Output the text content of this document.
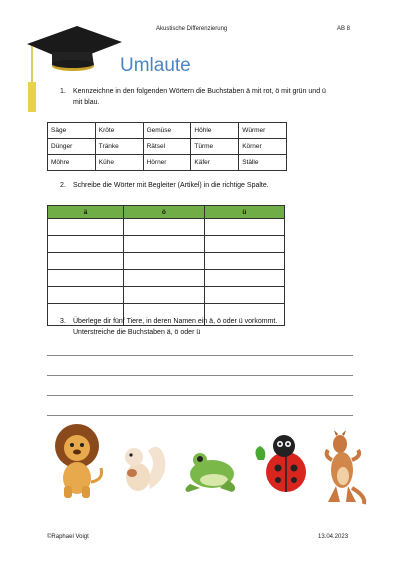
Akustische Differenzierung	AB 8
Umlaute
1. Kennzeichne in den folgenden Wörtern die Buchstaben ä mit rot, ö mit grün und ü mit blau.
Säge	Kröte	Gemüse	Höhle	Würmer
Dünger	Tränke	Rätsel	Türme	Körner
Möhre	Kühe	Hörner	Käfer	Ställe
2. Schreibe die Wörter mit Begleiter (Artikel) in die richtige Spalte.
ä	ö	ü

3. Überlege dir fünf Tiere, in deren Namen ein ä, ö oder ü vorkommt.
Unterstreiche die Buchstaben ä, ö oder ü
©Raphael Voigt	13.04.2023
